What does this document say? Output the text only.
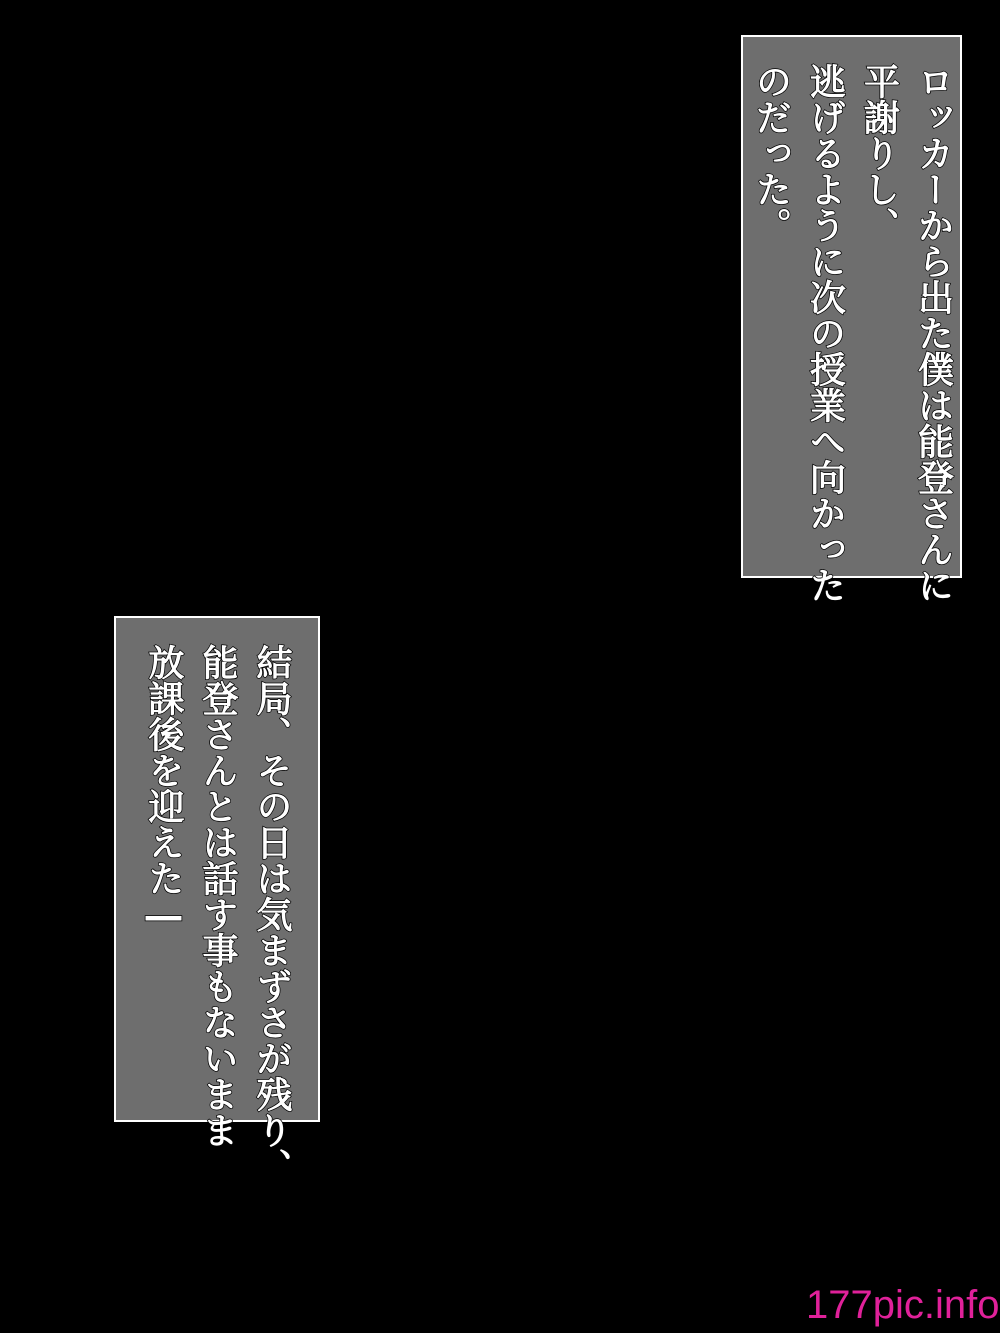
ロッカーから出た僕は能登さんに
平謝りし、
逃げるように次の授業へ向かった
のだった。
結局、その日は気まずさが残り、
能登さんとは話す事もないまま
放課後を迎えた―
177pic.info
